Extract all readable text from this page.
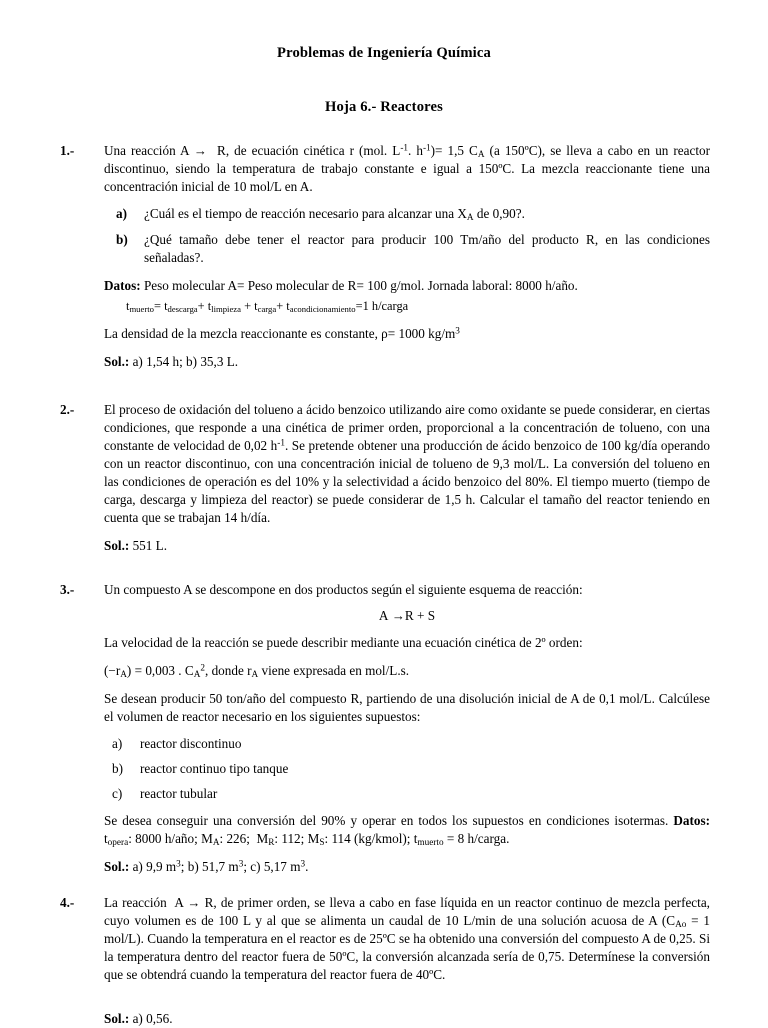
Problemas de Ingeniería Química
Hoja 6.- Reactores
1.-	Una reacción A →  R, de ecuación cinética r (mol. $L^{-1}$. $h^{-1})= 1,5$ $C_A$ (a 150ºC), se lleva a cabo en un reactor discontinuo, siendo la temperatura de trabajo constante e igual a 150ºC. La mezcla reaccionante tiene una concentración inicial de 10 mol/L en A.

a) ¿Cuál es el tiempo de reacción necesario para alcanzar una $X_A$ de 0,90?.
b) ¿Qué tamaño debe tener el reactor para producir 100 Tm/año del producto R, en las condiciones señaladas?.

Datos: Peso molecular A= Peso molecular de R= 100 g/mol. Jornada laboral: 8000 h/año.

$t_{muerto}= t_{descarga}+ t_{limpieza} + t_{carga}+ t_{acondicionamiento}=1$ h/carga

La densidad de la mezcla reaccionante es constante, ρ= 1000 $kg/m^3$

Sol.: a) 1,54 h; b) 35,3 L.

2.-	El proceso de oxidación del tolueno a ácido benzoico utilizando aire como oxidante se puede considerar, en ciertas condiciones, que responde a una cinética de primer orden, proporcional a la concentración de tolueno, con una constante de velocidad de 0,02 $h^{-1}$. Se pretende obtener una producción de ácido benzoico de 100 kg/día operando con un reactor discontinuo, con una concentración inicial de tolueno de 9,3 mol/L. La conversión del tolueno en las condiciones de operación es del 10% y la selectividad a ácido benzoico del 80%. El tiempo muerto (tiempo de carga, descarga y limpieza del reactor) se puede considerar de 1,5 h. Calcular el tamaño del reactor teniendo en cuenta que se trabajan 14 h/día.

Sol.: 551 L.

3.-	Un compuesto A se descompone en dos productos según el siguiente esquema de reacción:

A →R + S

La velocidad de la reacción se puede describir mediante una ecuación cinética de 2º orden:

$(-r_A) = 0,003$ . $C_A^2$, donde $r_A$ viene expresada en mol/L.s.

Se desean producir 50 ton/año del compuesto R, partiendo de una disolución inicial de A de 0,1 mol/L. Calcúlese el volumen de reactor necesario en los siguientes supuestos:

a) reactor discontinuo
b) reactor continuo tipo tanque
c) reactor tubular

Se desea conseguir una conversión del 90% y operar en todos los supuestos en condiciones isotermas. Datos: $t_{opera}$: 8000 h/año; $M_A$: 226;  $M_R$: 112; $M_S$: 114 (kg/kmol); $t_{muerto} = 8$ h/carga.

Sol.: a) 9,9 $m^3$; b) 51,7 $m^3$; c) 5,17 $m^3$.

4.-	La reacción  A → R, de primer orden, se lleva a cabo en fase líquida en un reactor continuo de mezcla perfecta, cuyo volumen es de 100 L y al que se alimenta un caudal de 10 L/min de una solución acuosa de A ($C_{Ao} = 1$ mol/L). Cuando la temperatura en el reactor es de 25ºC se ha obtenido una conversión del compuesto A de 0,25. Si la temperatura dentro del reactor fuera de 50ºC, la conversión alcanzada sería de 0,75. Determínese la conversión que se obtendrá cuando la temperatura del reactor fuera de 40ºC.

Sol.: a) 0,56.
